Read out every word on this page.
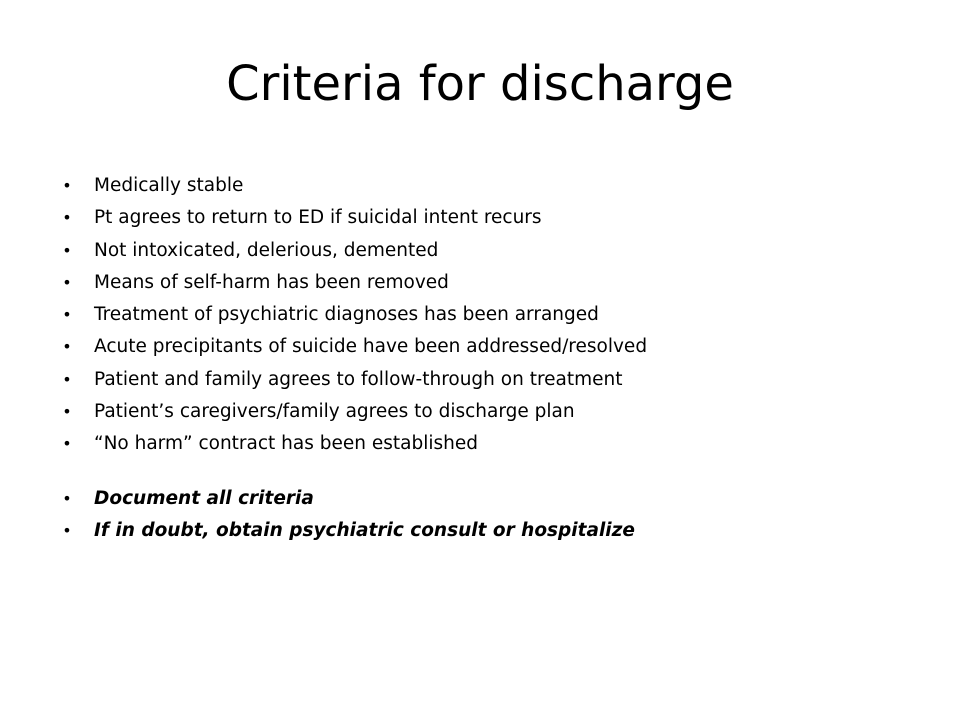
Criteria for discharge
• Medically stable
• Pt agrees to return to ED if suicidal intent recurs
• Not intoxicated, delerious, demented
• Means of self-harm has been removed
• Treatment of psychiatric diagnoses has been arranged
• Acute precipitants of suicide have been addressed/resolved
• Patient and family agrees to follow-through on treatment
• Patient’s caregivers/family agrees to discharge plan
• “No harm” contract has been established
• Document all criteria
• If in doubt, obtain psychiatric consult or hospitalize
